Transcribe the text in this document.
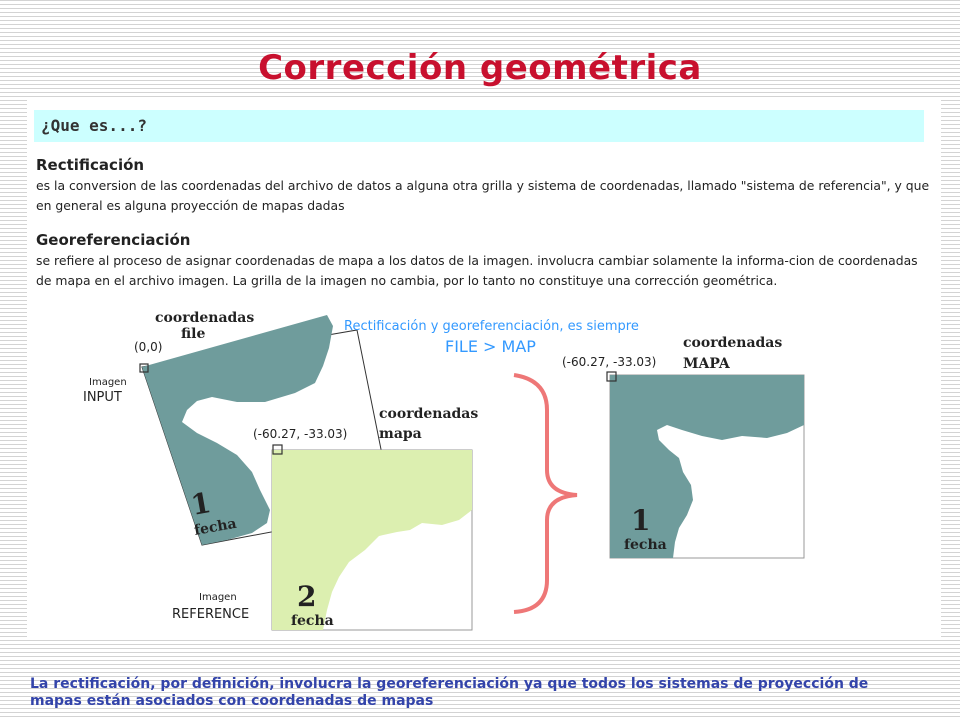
Corrección geométrica
¿Que es...?
Rectificación
es la conversion de las coordenadas del archivo de datos a alguna otra grilla y sistema de coordenadas, llamado "sistema de referencia", y que en general es alguna proyección de mapas dadas
Georeferenciación
se refiere al proceso de asignar coordenadas de mapa a los datos de la imagen. involucra cambiar solamente la informa-cion de coordenadas de mapa en el archivo imagen. La grilla de la imagen no cambia, por lo tanto no constituye una corrección geométrica.
coordenadas
file
(0,0)
Imagen
INPUT
coordenadas
mapa
(-60.27, -33.03)
Rectificación y georeferenciación, es siempre
FILE > MAP
(-60.27, -33.03)
coordenadas
MAPA
1
fecha
Imagen
REFERENCE
2
fecha
1
fecha
La rectificación, por definición, involucra la georeferenciación ya que todos los sistemas de proyección de mapas están asociados con coordenadas de mapas
